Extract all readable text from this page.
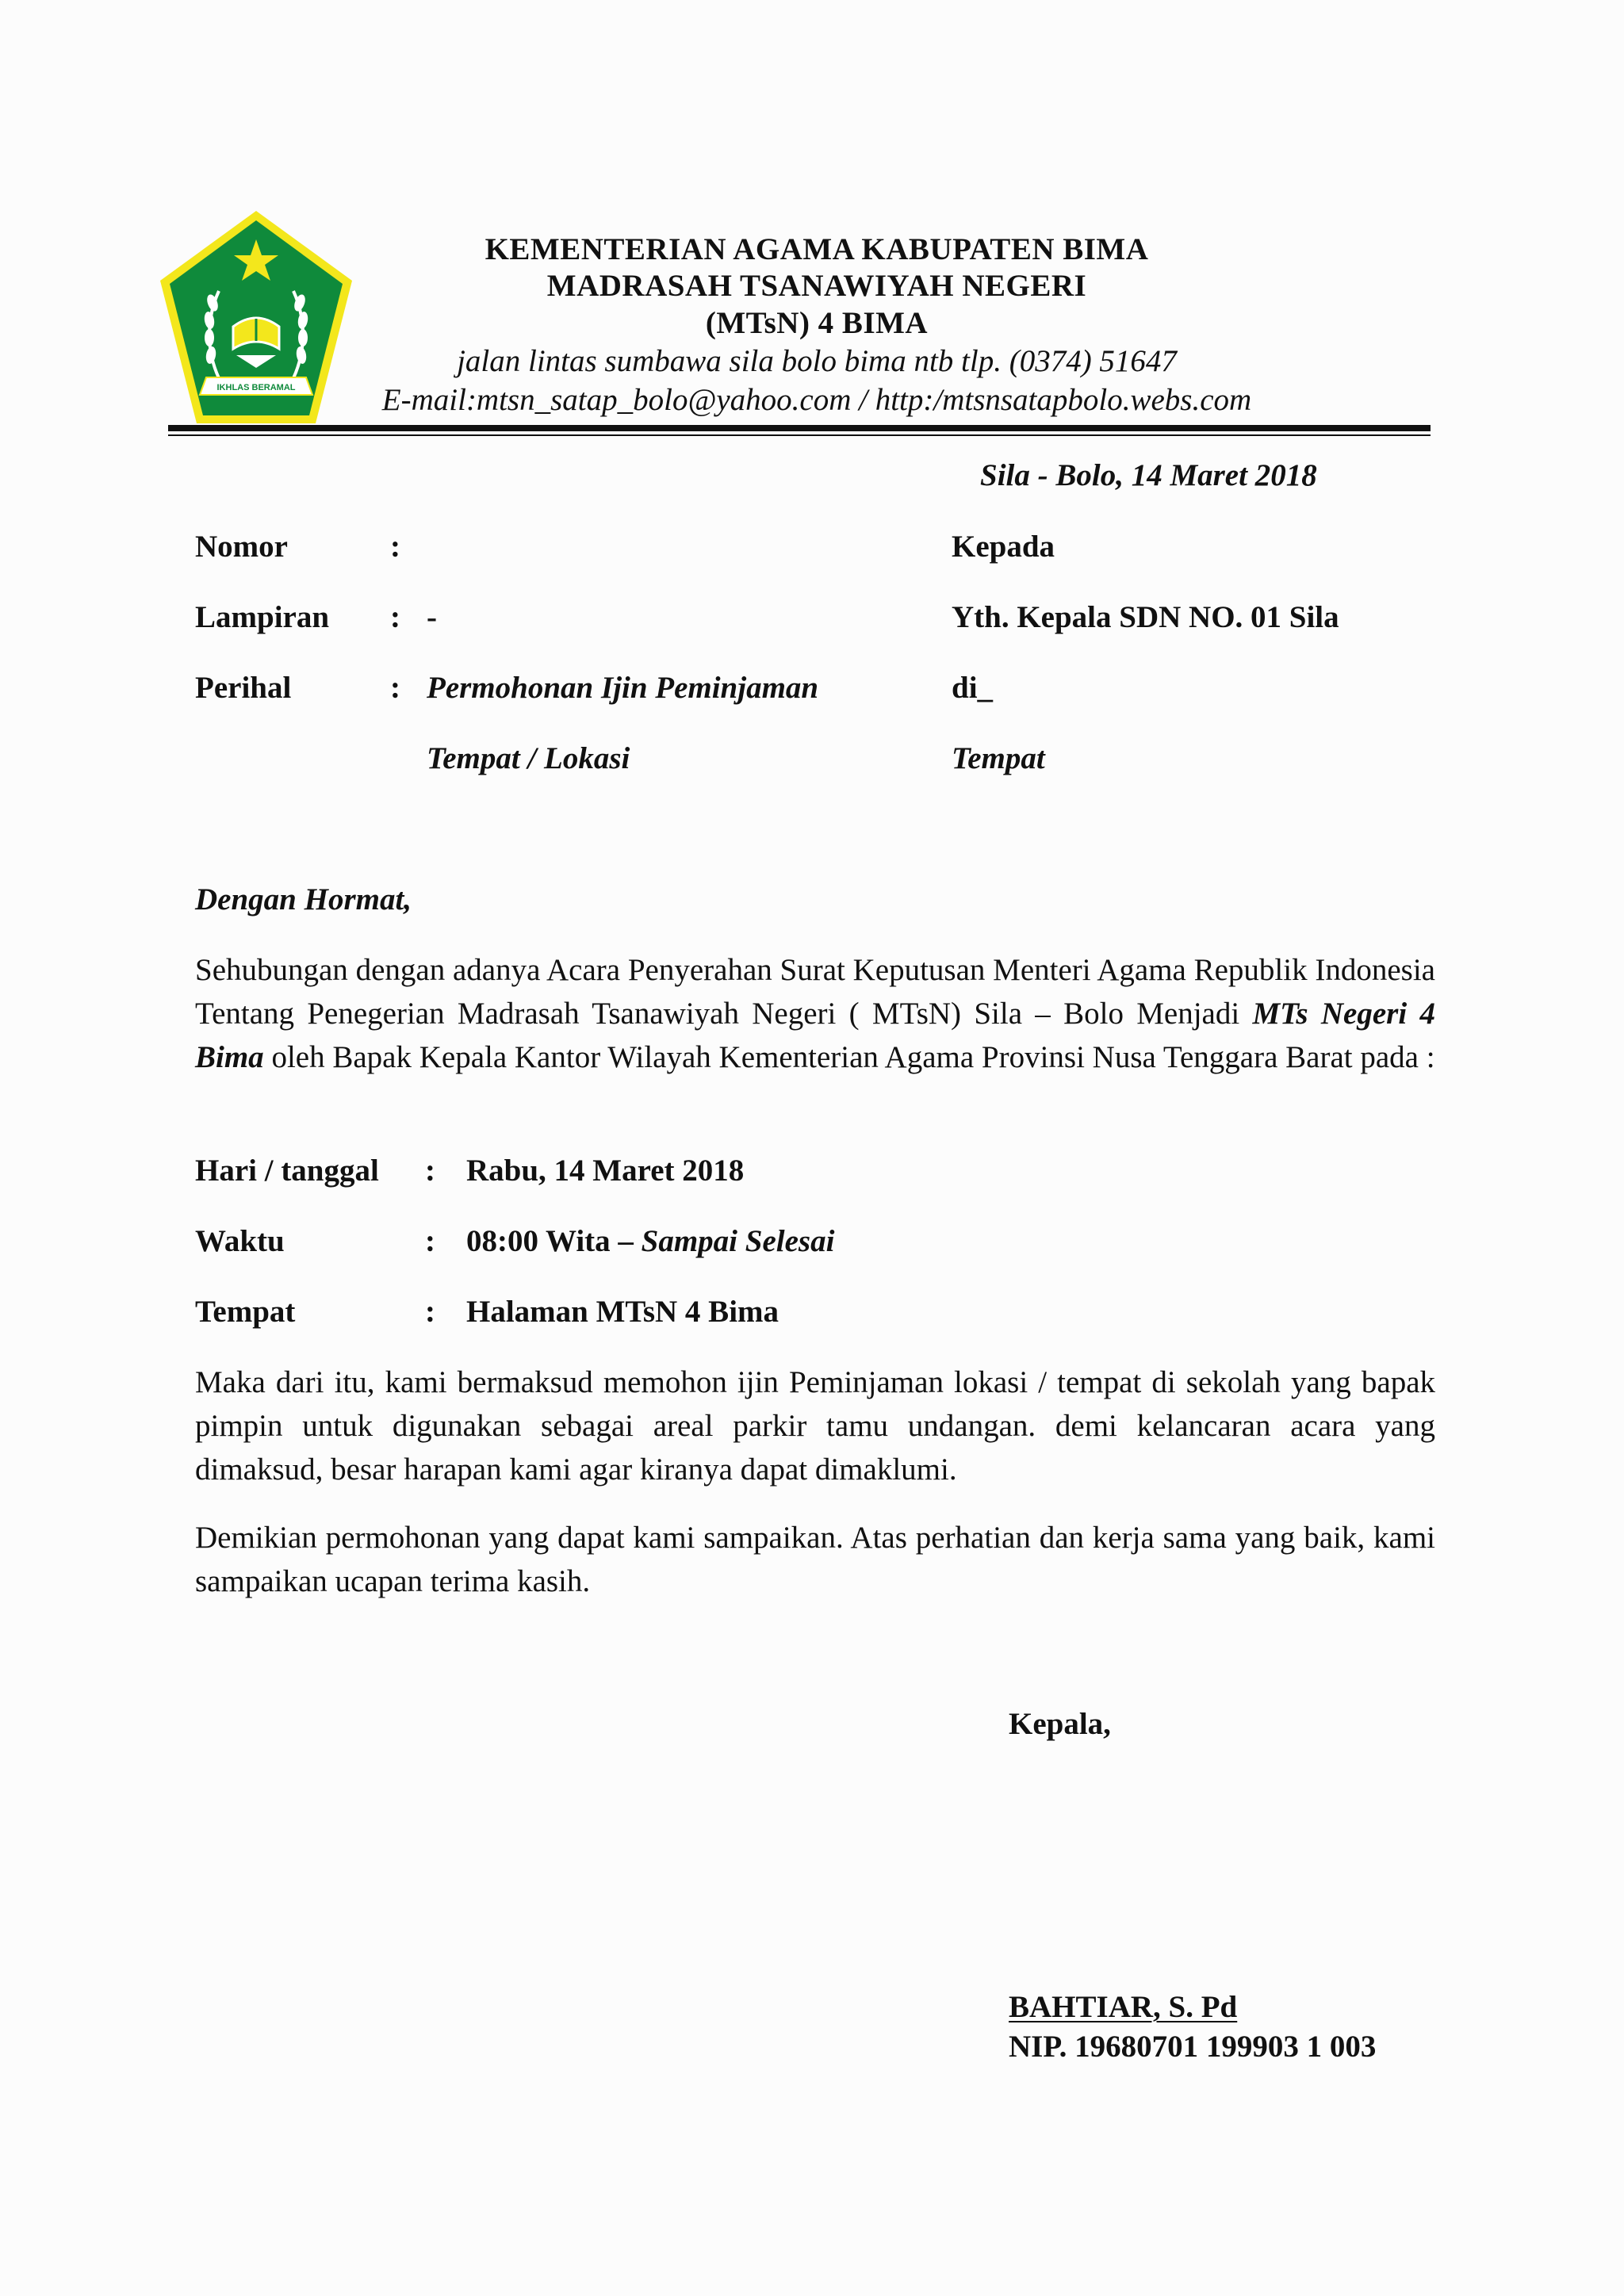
IKHLAS BERAMAL
KEMENTERIAN AGAMA KABUPATEN BIMA
MADRASAH TSANAWIYAH NEGERI
(MTsN) 4 BIMA
jalan lintas sumbawa sila bolo bima ntb tlp. (0374) 51647
E-mail:mtsn_satap_bolo@yahoo.com / http:/mtsnsatapbolo.webs.com
Sila - Bolo, 14 Maret 2018
Nomor	:
Lampiran : -
Perihal	: Permohonan Ijin Peminjaman
Tempat / Lokasi
Kepada
Yth. Kepala SDN NO. 01 Sila
di_
Tempat
Dengan Hormat,

Sehubungan dengan adanya Acara Penyerahan Surat Keputusan Menteri Agama Republik Indonesia Tentang Penegerian Madrasah Tsanawiyah Negeri ( MTsN) Sila – Bolo Menjadi MTs Negeri 4 Bima oleh Bapak Kepala Kantor Wilayah Kementerian Agama Provinsi Nusa Tenggara Barat pada :

Hari / tanggal : Rabu, 14 Maret 2018
Waktu	: 08:00 Wita – Sampai Selesai
Tempat	: Halaman MTsN 4 Bima

Maka dari itu, kami bermaksud memohon ijin Peminjaman lokasi / tempat di sekolah yang bapak pimpin untuk digunakan sebagai areal parkir tamu undangan. demi kelancaran acara yang dimaksud, besar harapan kami agar kiranya dapat dimaklumi.

Demikian permohonan yang dapat kami sampaikan. Atas perhatian dan kerja sama yang baik, kami sampaikan ucapan terima kasih.

Kepala,
BAHTIAR, S. Pd
NIP. 19680701 199903 1 003
